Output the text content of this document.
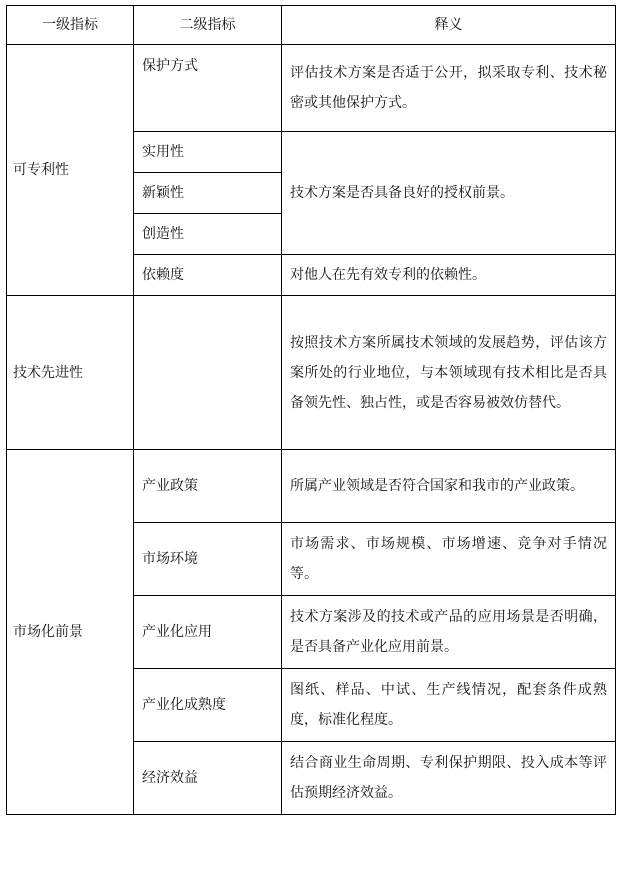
一级指标	二级指标	释义
可专利性	保护方式	评估技术方案是否适于公开，拟采取专利、技术秘密或其他保护方式。
	实用性	技术方案是否具备良好的授权前景。
	新颖性	
	创造性	
	依赖度	对他人在先有效专利的依赖性。
技术先进性		按照技术方案所属技术领域的发展趋势，评估该方案所处的行业地位，与本领域现有技术相比是否具备领先性、独占性，或是否容易被效仿替代。
市场化前景	产业政策	所属产业领域是否符合国家和我市的产业政策。
	市场环境	市场需求、市场规模、市场增速、竞争对手情况等。
	产业化应用	技术方案涉及的技术或产品的应用场景是否明确，是否具备产业化应用前景。
	产业化成熟度	图纸、样品、中试、生产线情况，配套条件成熟度，标准化程度。
	经济效益	结合商业生命周期、专利保护期限、投入成本等评估预期经济效益。
